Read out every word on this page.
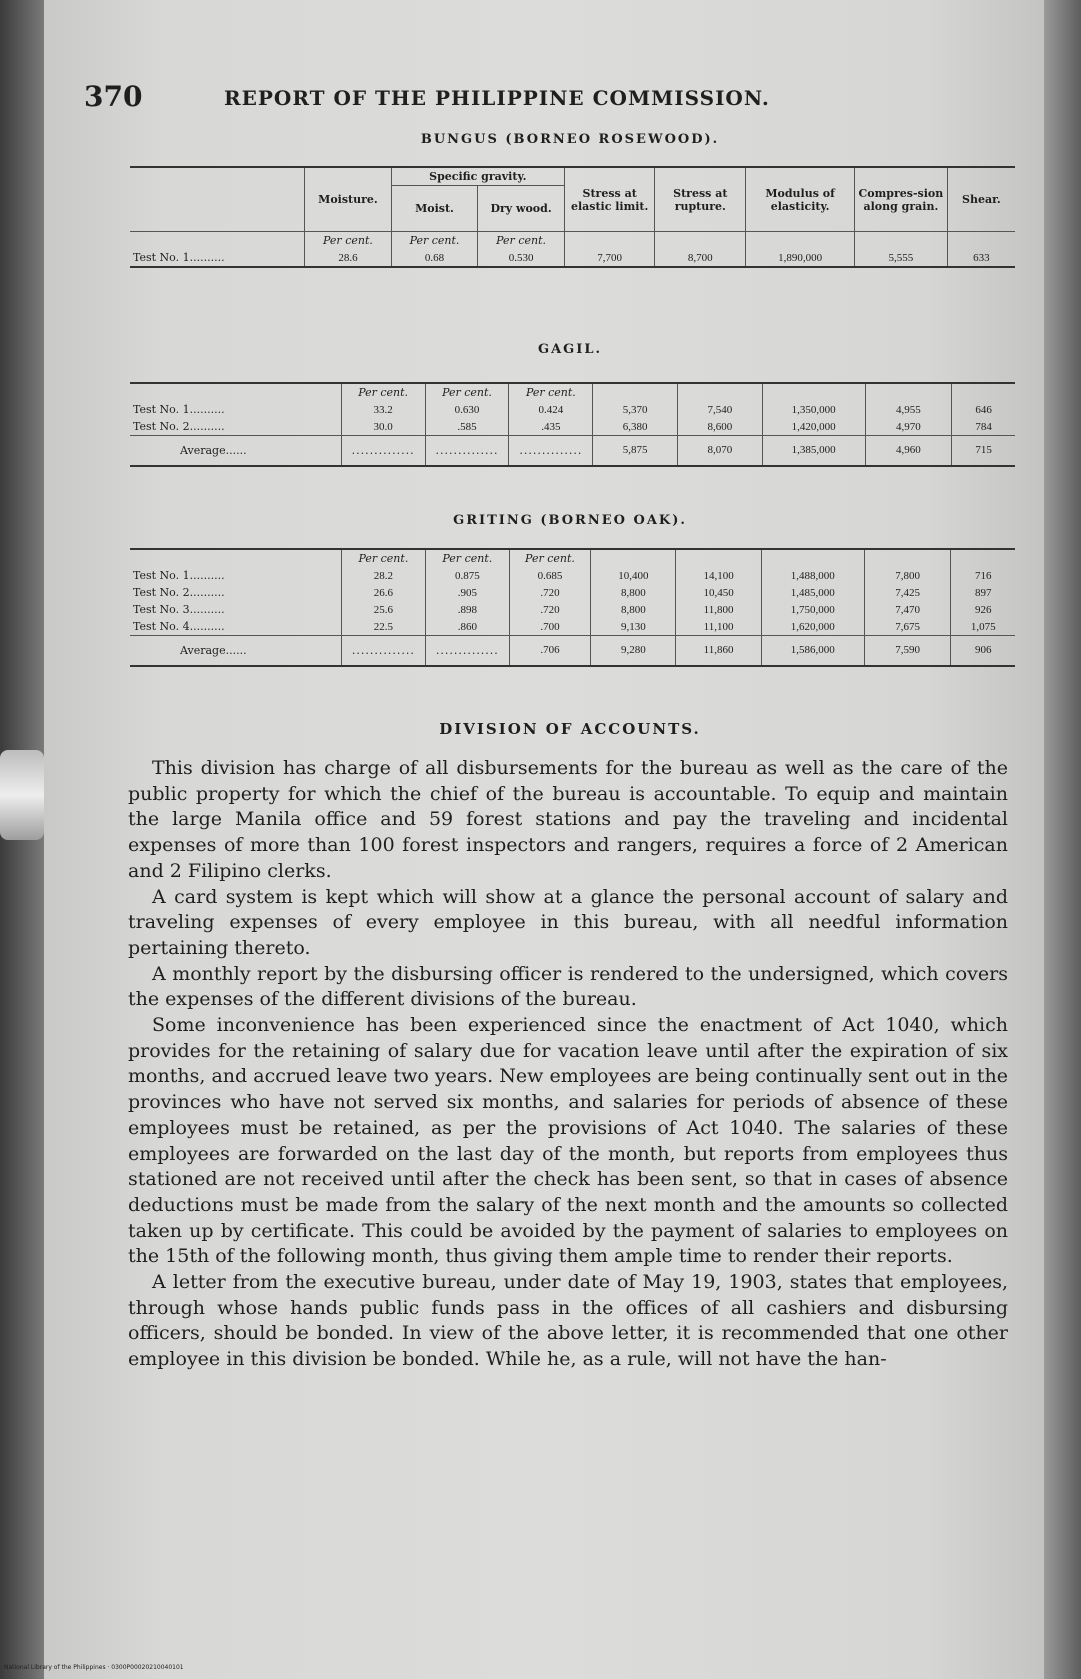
370	REPORT OF THE PHILIPPINE COMMISSION.
BUNGUS (BORNEO ROSEWOOD).
	Moisture.	Specific gravity.		Stress at elastic limit.	Stress at rupture.	Modulus of elasticity.	Compres-sion along grain.	Shear.
		Moist.	Dry wood.					
	Per cent.	Per cent.	Per cent.					
Test No. 1..........	28.6	0.68	0.530	7,700	8,700	1,890,000	5,555	633
GAGIL.
	Per cent.	Per cent.	Per cent.					
Test No. 1..........	33.2	0.630	0.424	5,370	7,540	1,350,000	4,955	646
Test No. 2..........	30.0	.585	.435	6,380	8,600	1,420,000	4,970	784
Average......	..............	..............	..............	5,875	8,070	1,385,000	4,960	715
GRITING (BORNEO OAK).
	Per cent.	Per cent.	Per cent.					
Test No. 1..........	28.2	0.875	0.685	10,400	14,100	1,488,000	7,800	716
Test No. 2..........	26.6	.905	.720	8,800	10,450	1,485,000	7,425	897
Test No. 3..........	25.6	.898	.720	8,800	11,800	1,750,000	7,470	926
Test No. 4..........	22.5	.860	.700	9,130	11,100	1,620,000	7,675	1,075
Average......	..............	..............	.706	9,280	11,860	1,586,000	7,590	906
DIVISION OF ACCOUNTS.

This division has charge of all disbursements for the bureau as well as the care of the public property for which the chief of the bureau is accountable. To equip and maintain the large Manila office and 59 forest stations and pay the traveling and incidental expenses of more than 100 forest inspectors and rangers, requires a force of 2 American and 2 Filipino clerks.

A card system is kept which will show at a glance the personal account of salary and traveling expenses of every employee in this bureau, with all needful information pertaining thereto.

A monthly report by the disbursing officer is rendered to the undersigned, which covers the expenses of the different divisions of the bureau.

Some inconvenience has been experienced since the enactment of Act 1040, which provides for the retaining of salary due for vacation leave until after the expiration of six months, and accrued leave two years. New employees are being continually sent out in the provinces who have not served six months, and salaries for periods of absence of these employees must be retained, as per the provisions of Act 1040. The salaries of these employees are forwarded on the last day of the month, but reports from employees thus stationed are not received until after the check has been sent, so that in cases of absence deductions must be made from the salary of the next month and the amounts so collected taken up by certificate. This could be avoided by the payment of salaries to employees on the 15th of the following month, thus giving them ample time to render their reports.

A letter from the executive bureau, under date of May 19, 1903, states that employees, through whose hands public funds pass in the offices of all cashiers and disbursing officers, should be bonded. In view of the above letter, it is recommended that one other employee in this division be bonded. While he, as a rule, will not have the han-

National Library of the Philippines · 0300P00020210040101
